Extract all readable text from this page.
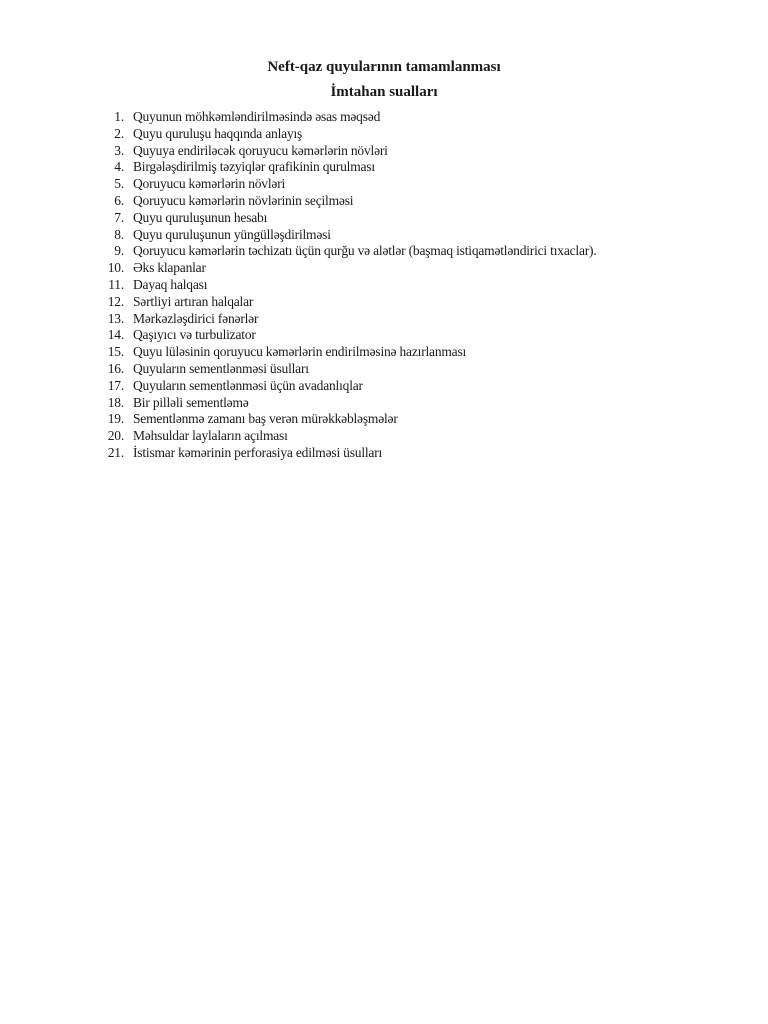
Neft-qaz quyularının tamamlanması
İmtahan sualları
1. Quyunun möhkəmləndirilməsində əsas məqsəd
2. Quyu quruluşu haqqında anlayış
3. Quyuya endiriləcək qoruyucu kəmərlərin növləri
4. Birgələşdirilmiş təzyiqlər qrafikinin qurulması
5. Qoruyucu kəmərlərin növləri
6. Qoruyucu kəmərlərin növlərinin seçilməsi
7. Quyu quruluşunun hesabı
8. Quyu quruluşunun yüngülləşdirilməsi
9. Qoruyucu kəmərlərin təchizatı üçün qurğu və alətlər (başmaq istiqamətləndirici tıxaclar).
10. Əks klapanlar
11. Dayaq halqası
12. Sərtliyi artıran halqalar
13. Mərkəzləşdirici fənərlər
14. Qaşıyıcı və turbulizator
15. Quyu lüləsinin qoruyucu kəmərlərin endirilməsinə hazırlanması
16. Quyuların sementlənməsi üsulları
17. Quyuların sementlənməsi üçün avadanlıqlar
18. Bir pilləli sementləmə
19. Sementlənmə zamanı baş verən mürəkkəbləşmələr
20. Məhsuldar laylaların açılması
21. İstismar kəmərinin perforasiya edilməsi üsulları
